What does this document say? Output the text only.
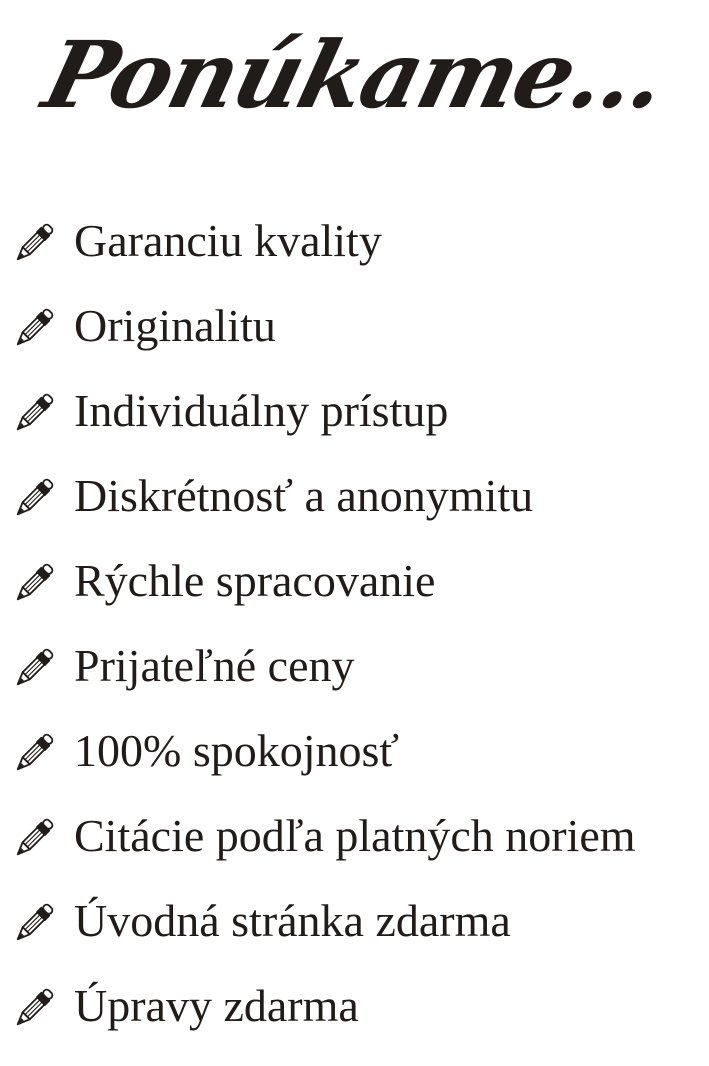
Ponúkame...
Garanciu kvality
Originalitu
Individuálny prístup
Diskrétnosť a anonymitu
Rýchle spracovanie
Prijateľné ceny
100% spokojnosť
Citácie podľa platných noriem
Úvodná stránka zdarma
Úpravy zdarma
